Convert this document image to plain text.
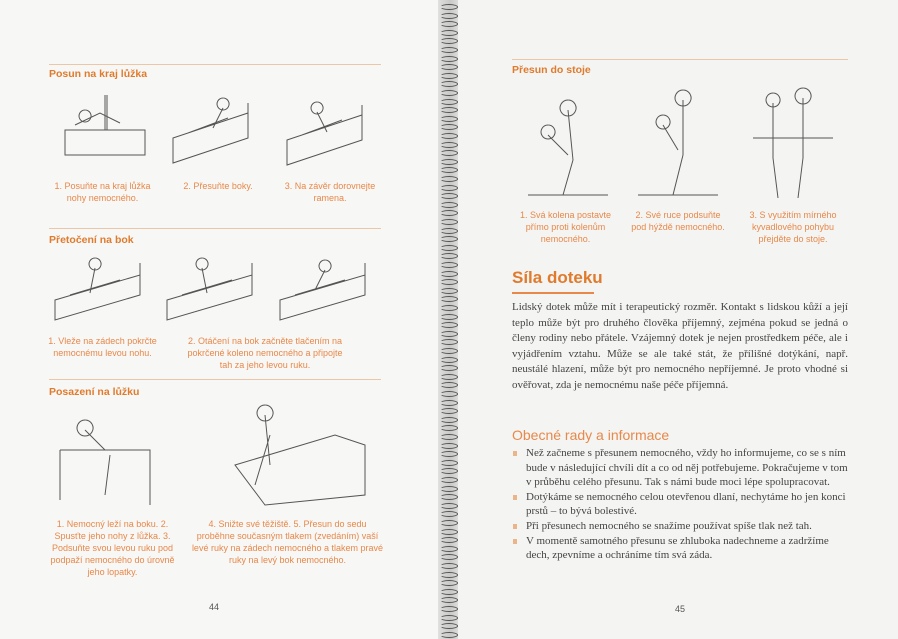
Posun na kraj lůžka
1. Posuňte na kraj lůžka nohy nemocného.
2. Přesuňte boky.	3. Na závěr dorovnejte ramena.
Přetočení na bok
1. Vleže na zádech pokrčte nemocnému levou nohu.
2. Otáčení na bok začněte tlačením na pokrčené koleno nemocného a připojte tah za jeho levou ruku.
Posazení na lůžku
1. Nemocný leží na boku. 2. Spusťte jeho nohy z lůžka. 3. Podsuňte svou levou ruku pod podpaží nemocného do úrovně jeho lopatky.
4. Snižte své těžiště. 5. Přesun do sedu proběhne současným tlakem (zvedáním) vaší levé ruky na zádech nemocného a tlakem pravé ruky na levý bok nemocného.
44
Přesun do stoje
1. Svá kolena postavte přímo proti kolenům nemocného.
2. Své ruce podsuňte pod hýždě nemocného.
3. S využitím mírného kyvadlového pohybu přejděte do stoje.
45
Síla doteku
Lidský dotek může mít i terapeutický rozměr. Kontakt s lidskou kůží a její teplo může být pro druhého člověka příjemný, zejména pokud se jedná o členy rodiny nebo přátele. Vzájemný dotek je nejen prostředkem péče, ale i vyjádřením vztahu. Může se ale také stát, že přílišné dotýkání, např. neustálé hlazení, může být pro nemocného nepříjemné. Je proto vhodné si ověřovat, zda je nemocnému naše péče příjemná.
Obecné rady a informace
Než začneme s přesunem nemocného, vždy ho informujeme, co se s ním bude v následující chvíli dít a co od něj potřebujeme. Pokračujeme v tom v průběhu celého přesunu. Tak s námi bude moci lépe spolupracovat.
Dotýkáme se nemocného celou otevřenou dlaní, nechytáme ho jen konci prstů – to bývá bolestivé.
Při přesunech nemocného se snažíme používat spíše tlak než tah.
V momentě samotného přesunu se zhluboka nadechneme a zadržíme dech, zpevníme a ochráníme tím svá záda.
